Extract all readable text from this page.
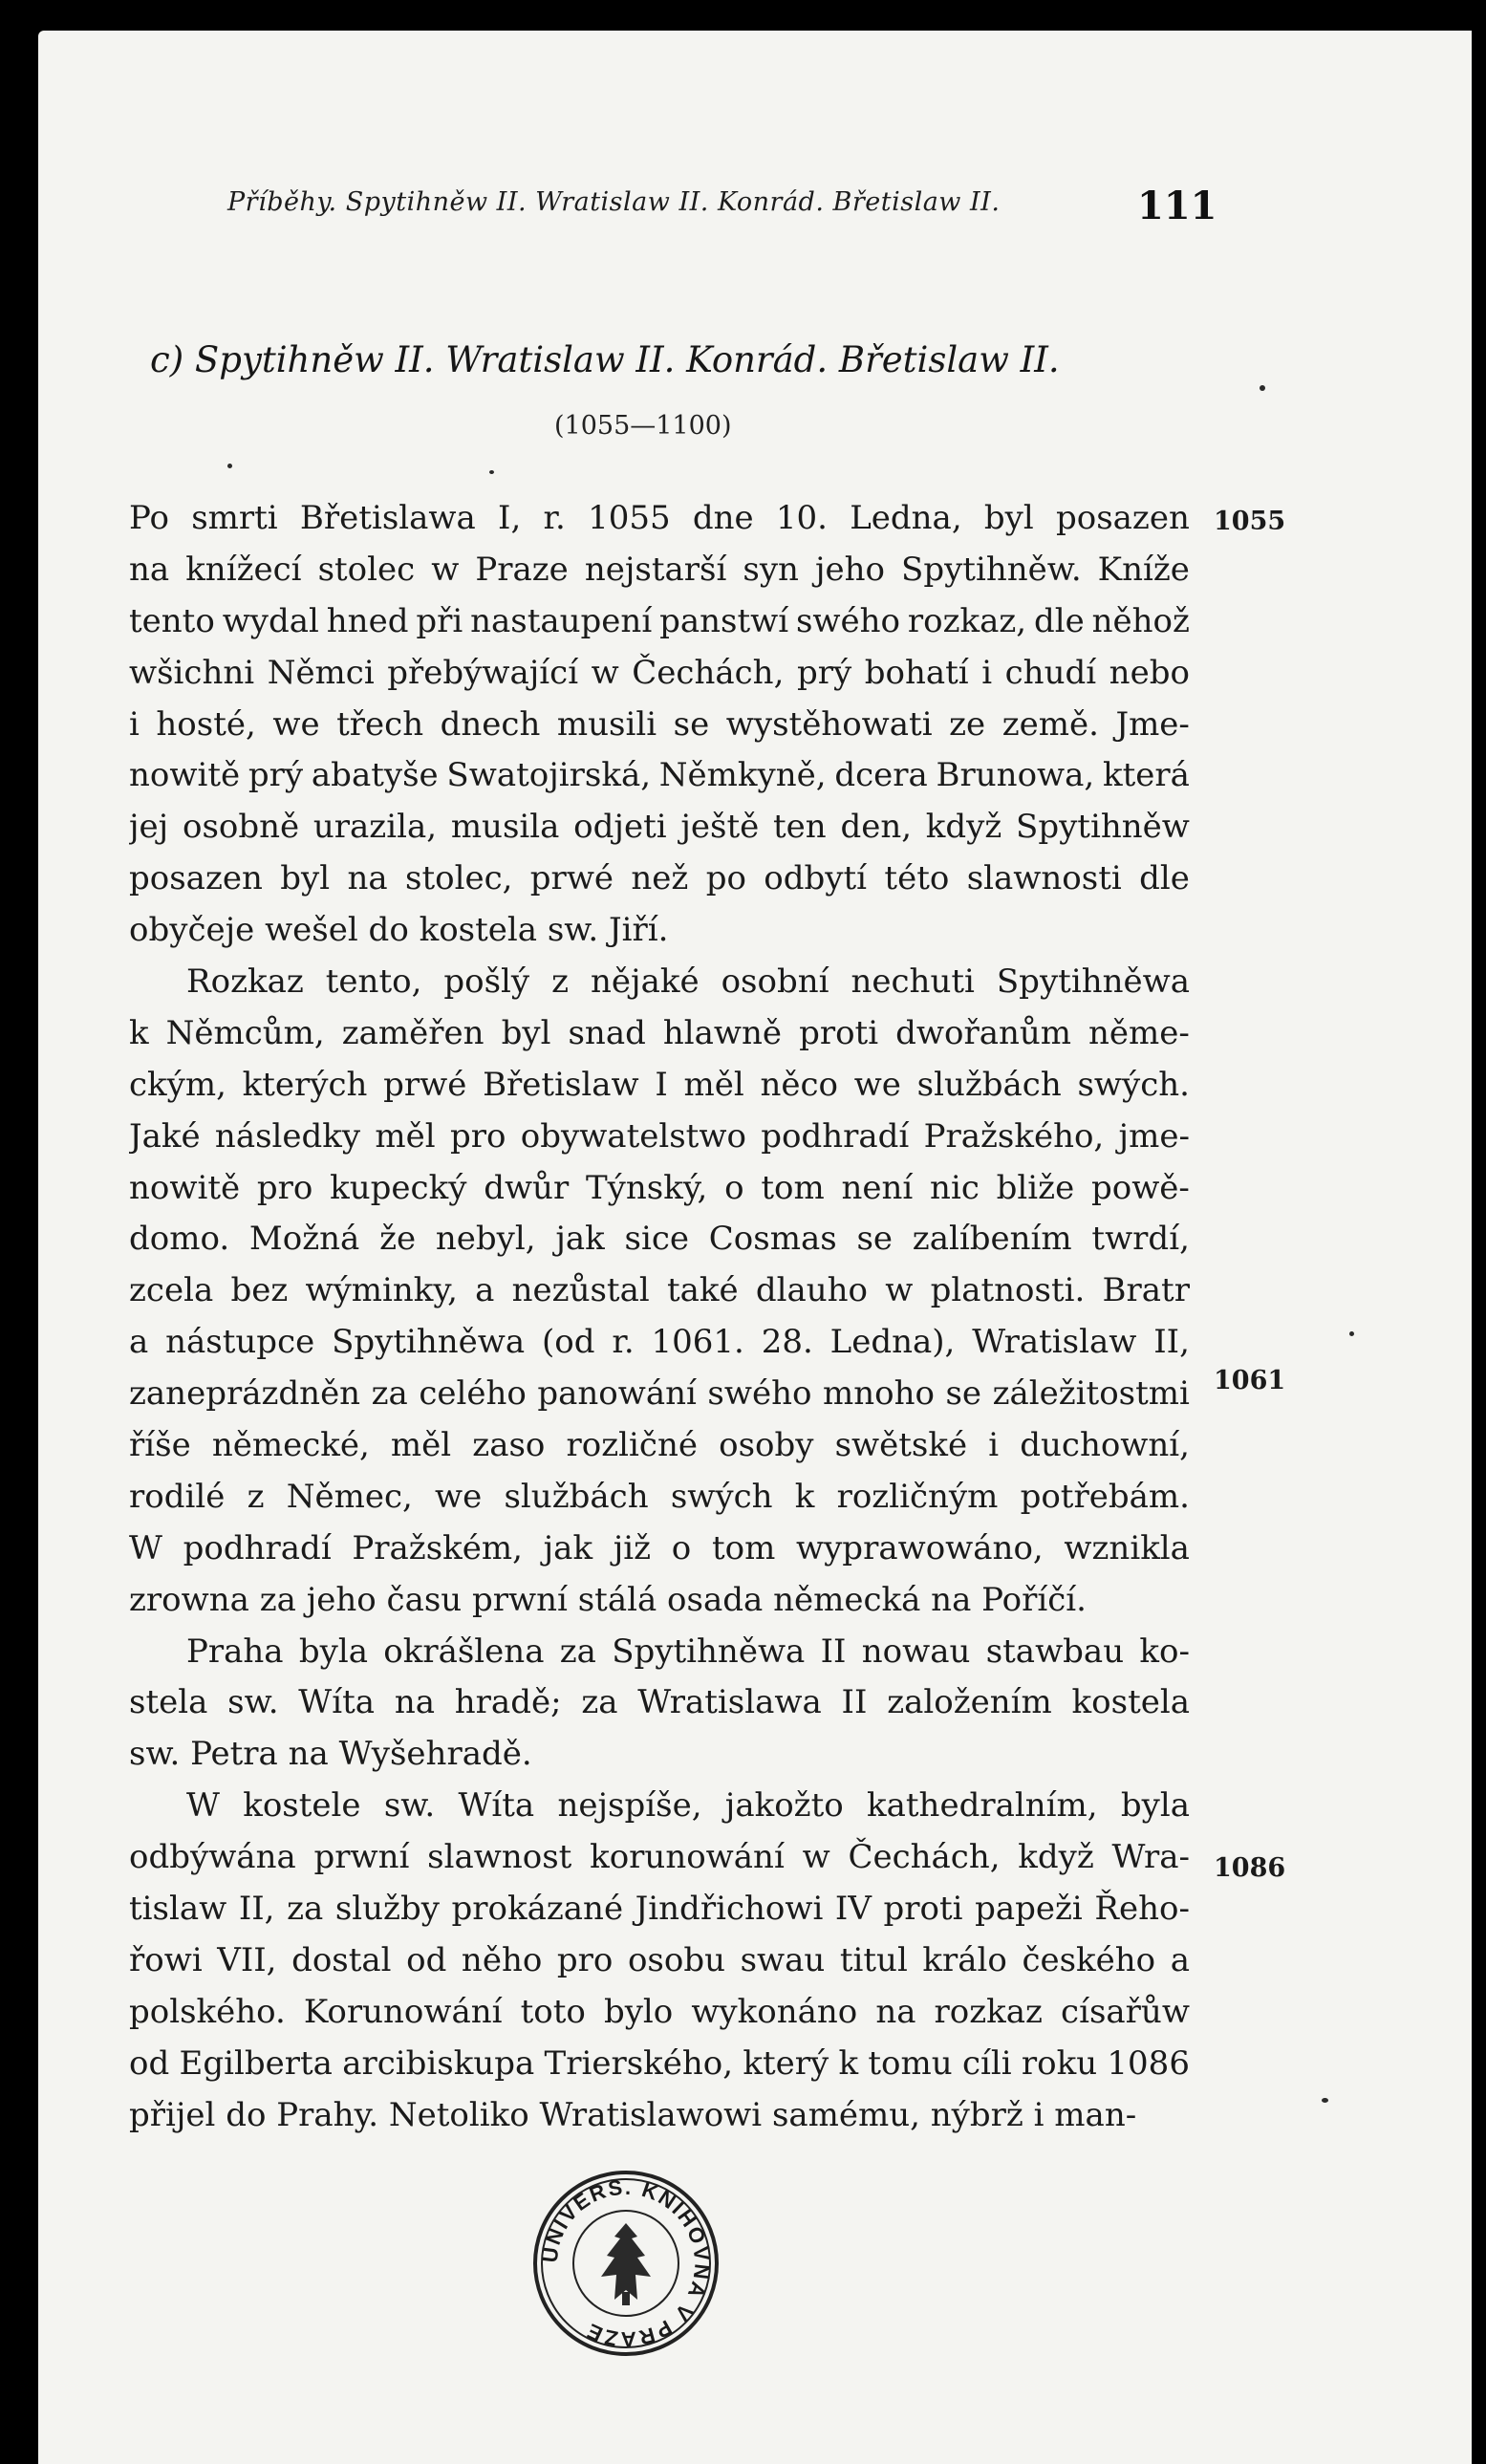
Příběhy. Spytihněw II. Wratislaw II. Konrád. Břetislaw II.	111
c) Spytihněw II. Wratislaw II. Konrád. Břetislaw II.
(1055—1100)
Po smrti Břetislawa I, r. 1055 dne 10. Ledna, byl posazen
na knížecí stolec w Praze nejstarší syn jeho Spytihněw. Kníže
tento wydal hned při nastaupení panstwí swého rozkaz, dle něhož
wšichni Němci přebýwající w Čechách, prý bohatí i chudí nebo
i hosté, we třech dnech musili se wystěhowati ze země. Jme-
nowitě prý abatyše Swatojirská, Němkyně, dcera Brunowa, která
jej osobně urazila, musila odjeti ještě ten den, když Spytihněw
posazen byl na stolec, prwé než po odbytí této slawnosti dle
obyčeje wešel do kostela sw. Jiří.
Rozkaz tento, pošlý z nějaké osobní nechuti Spytihněwa
k Němcům, zaměřen byl snad hlawně proti dwořanům něme-
ckým, kterých prwé Břetislaw I měl něco we službách swých.
Jaké následky měl pro obywatelstwo podhradí Pražského, jme-
nowitě pro kupecký dwůr Týnský, o tom není nic bliže powě-
domo. Možná že nebyl, jak sice Cosmas se zalíbením twrdí,
zcela bez wýminky, a nezůstal také dlauho w platnosti. Bratr
a nástupce Spytihněwa (od r. 1061. 28. Ledna), Wratislaw II,
zaneprázdněn za celého panowání swého mnoho se záležitostmi
říše německé, měl zaso rozličné osoby swětské i duchowní,
rodilé z Němec, we službách swých k rozličným potřebám.
W podhradí Pražském, jak již o tom wyprawowáno, wznikla
zrowna za jeho času prwní stálá osada německá na Poříčí.
Praha byla okrášlena za Spytihněwa II nowau stawbau ko-
stela sw. Wíta na hradě; za Wratislawa II založením kostela
sw. Petra na Wyšehradě.
W kostele sw. Wíta nejspíše, jakožto kathedralním, byla
odbýwána prwní slawnost korunowání w Čechách, když Wra-
tislaw II, za služby prokázané Jindřichowi IV proti papeži Řeho-
řowi VII, dostal od něho pro osobu swau titul králo českého a
polského. Korunowání toto bylo wykonáno na rozkaz císařůw
od Egilberta arcibiskupa Trierského, který k tomu cíli roku 1086
přijel do Prahy. Netoliko Wratislawowi samému, nýbrž i man-
1055
1061
1086
UNIVERS. KNIHOVNA V PRAZE
